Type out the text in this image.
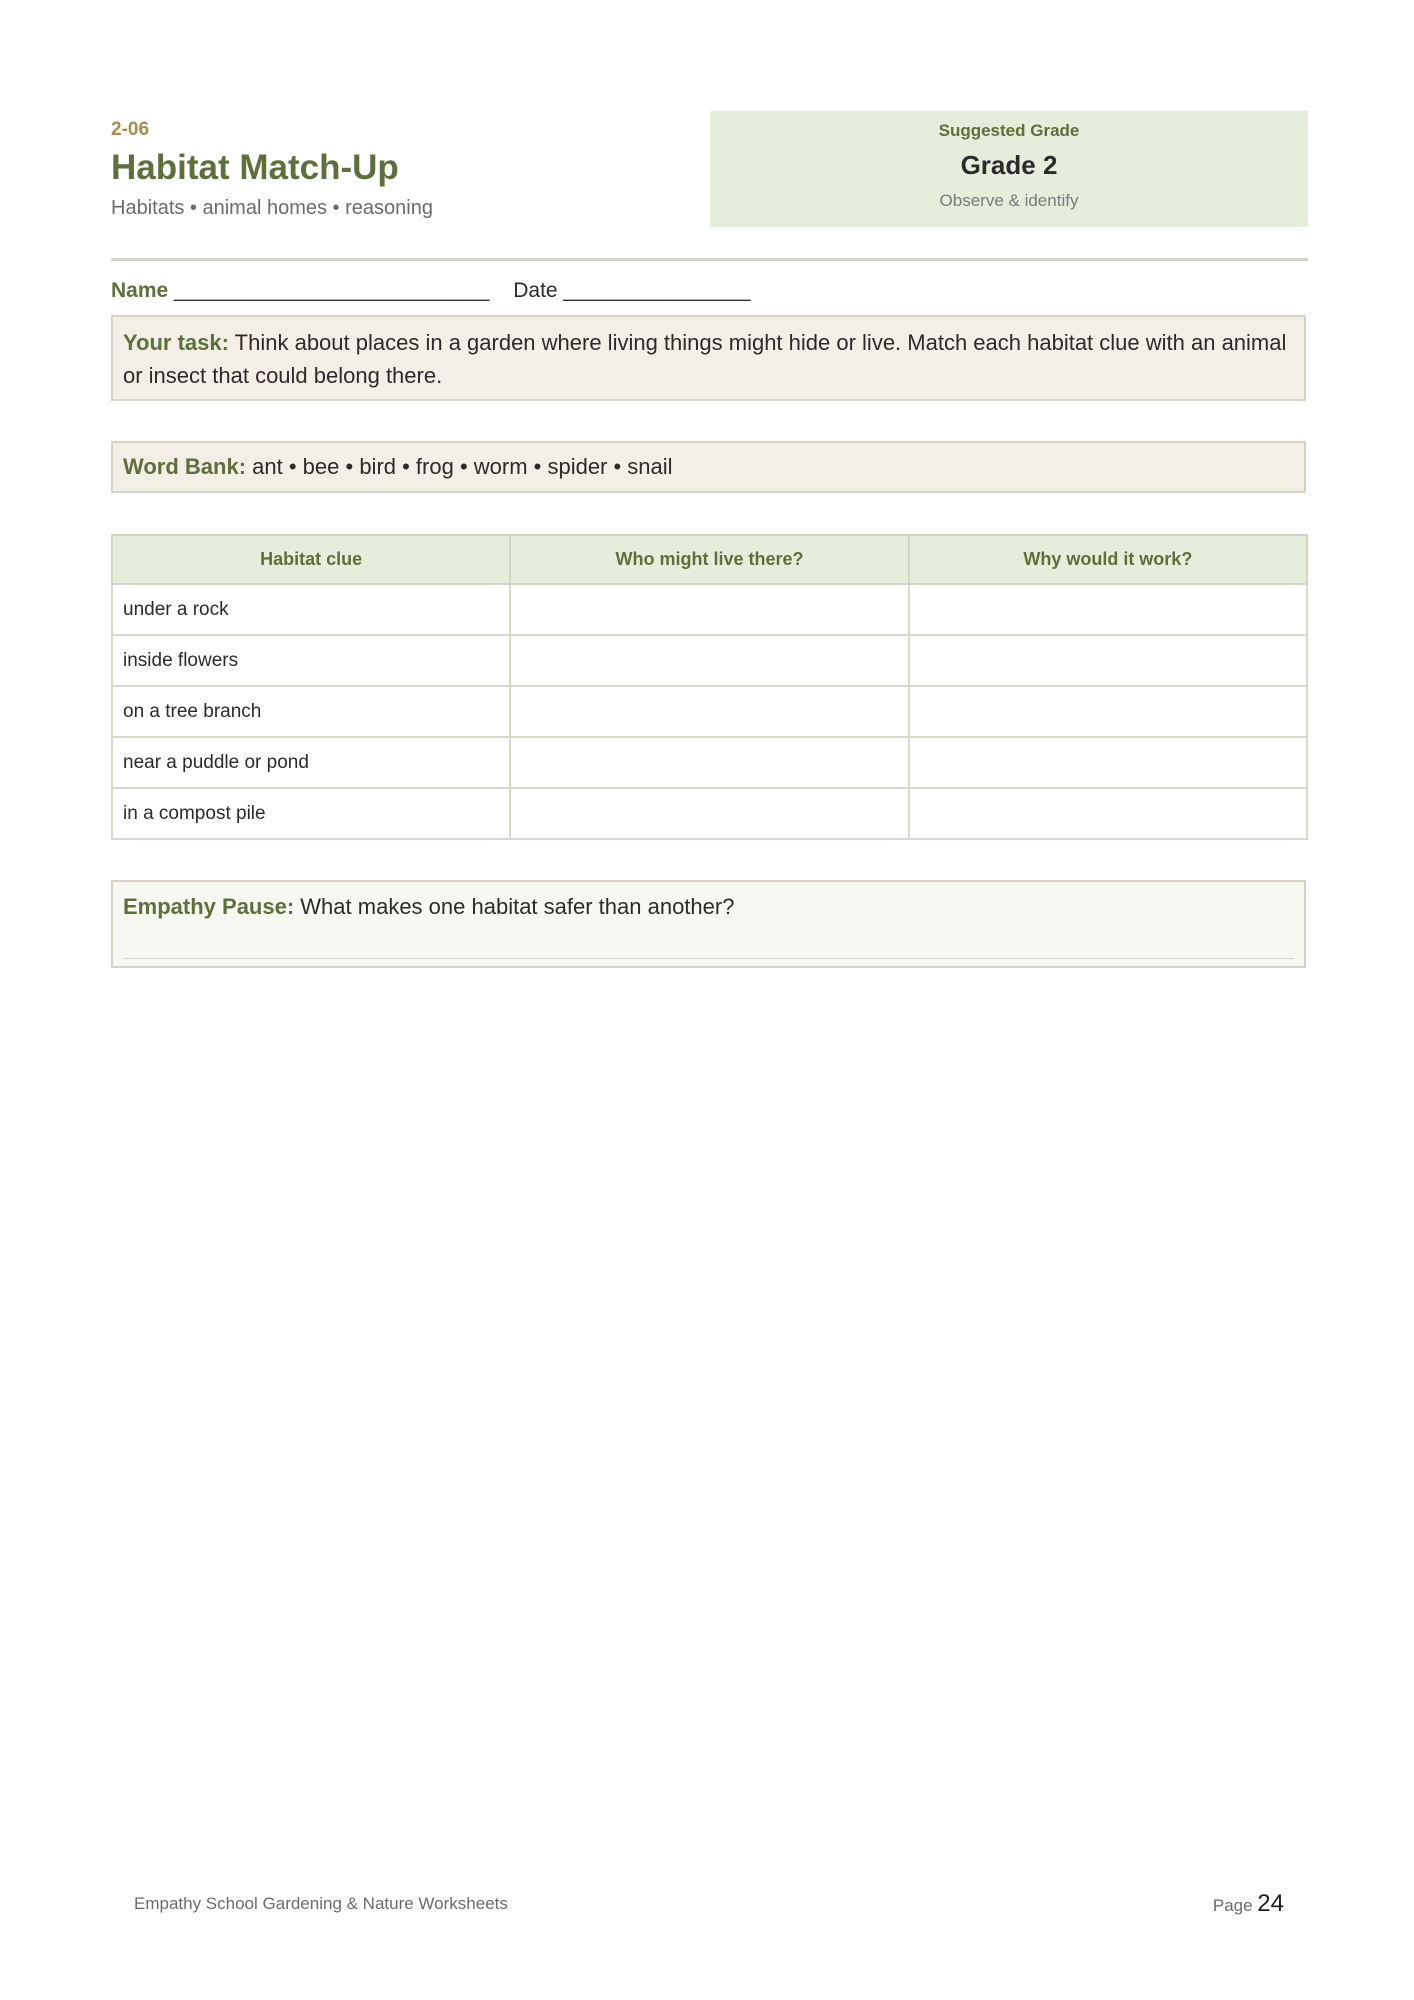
2-06
Habitat Match-Up
Habitats • animal homes • reasoning
Suggested Grade
Grade 2
Observe & identify
Name ___________________________ Date ________________
Your task: Think about places in a garden where living things might hide or live. Match each habitat clue with an animal or insect that could belong there.
Word Bank: ant • bee • bird • frog • worm • spider • snail
Habitat clue	Who might live there?	Why would it work?
under a rock		
inside flowers		
on a tree branch		
near a puddle or pond		
in a compost pile		
Empathy Pause: What makes one habitat safer than another?
Empathy School Gardening & Nature Worksheets	Page 24
